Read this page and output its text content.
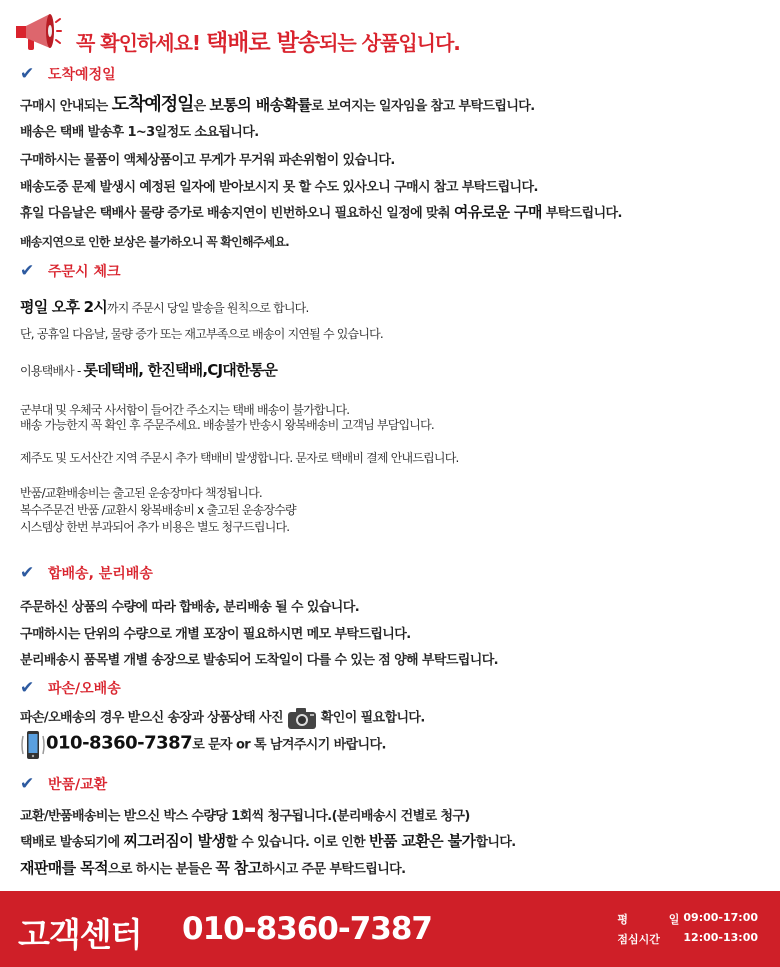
꼭 확인하세요! 택배로 발송되는 상품입니다.
✔ 도착예정일
구매시 안내되는 도착예정일은 보통의 배송확률로 보여지는 일자임을 참고 부탁드립니다.
배송은 택배 발송후 1~3일정도 소요됩니다.
구매하시는 물품이 액체상품이고 무게가 무거워 파손위험이 있습니다.
배송도중 문제 발생시 예정된 일자에 받아보시지 못 할 수도 있사오니 구매시 참고 부탁드립니다.
휴일 다음날은 택배사 물량 증가로 배송지연이 빈번하오니 필요하신 일정에 맞춰 여유로운 구매 부탁드립니다.
배송지연으로 인한 보상은 불가하오니 꼭 확인해주세요.
✔ 주문시 체크
평일 오후 2시까지 주문시 당일 발송을 원칙으로 합니다.
단, 공휴일 다음날, 물량 증가 또는 재고부족으로 배송이 지연될 수 있습니다.
이용택배사 - 롯데택배, 한진택배,CJ대한통운
군부대 및 우체국 사서함이 들어간 주소지는 택배 배송이 불가합니다.
배송 가능한지 꼭 확인 후 주문주세요. 배송불가 반송시 왕복배송비 고객님 부담입니다.
제주도 및 도서산간 지역 주문시 추가 택배비 발생합니다. 문자로 택배비 결제 안내드립니다.
반품/교환배송비는 출고된 운송장마다 책정됩니다.
복수주문건 반품 /교환시 왕복배송비 x 출고된 운송장수량
시스템상 한번 부과되어 추가 비용은 별도 청구드립니다.
✔ 합배송, 분리배송
주문하신 상품의 수량에 따라 합배송, 분리배송 될 수 있습니다.
구매하시는 단위의 수량으로 개별 포장이 필요하시면 메모 부탁드립니다.
분리배송시 품목별 개별 송장으로 발송되어 도착일이 다를 수 있는 점 양해 부탁드립니다.
✔ 파손/오배송
파손/오배송의 경우 받으신 송장과 상품상태 사진  확인이 필요합니다.
010-8360-7387로 문자 or 톡 남겨주시기 바랍니다.
✔ 반품/교환
교환/반품배송비는 받으신 박스 수량당 1회씩 청구됩니다.(분리배송시 건별로 청구)
택배로 발송되기에 찌그러짐이 발생할 수 있습니다. 이로 인한 반품 교환은 불가합니다.
재판매를 목적으로 하시는 분들은 꼭 참고하시고 주문 부탁드립니다.
고객센터 010-8360-7387	평	일 09:00-17:00
점심시간	12:00-13:00
